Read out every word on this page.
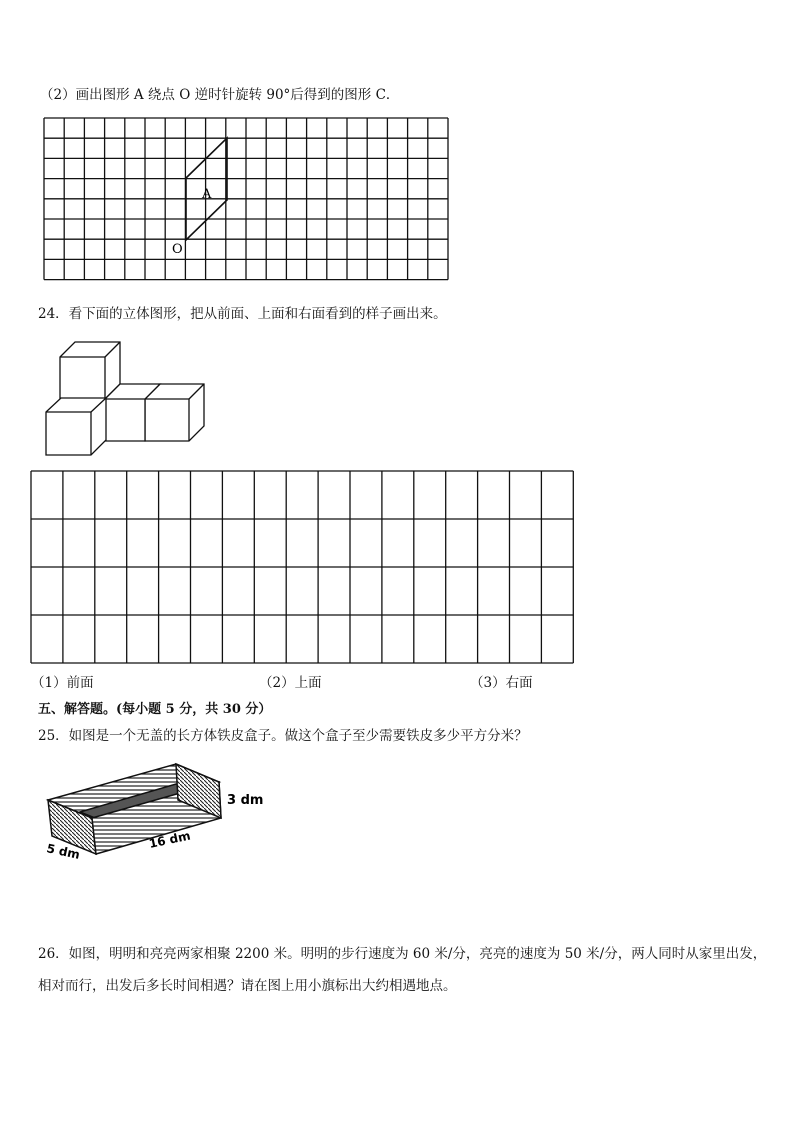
（2）画出图形 A 绕点 O 逆时针旋转 90°后得到的图形 C．
A
O
24．看下面的立体图形，把从前面、上面和右面看到的样子画出来。
（1）前面	（2）上面	（3）右面
五、解答题。(每小题 5 分，共 30 分）
25．如图是一个无盖的长方体铁皮盒子。做这个盒子至少需要铁皮多少平方分米？
3 dm
5 dm
16 dm
26．如图，明明和亮亮两家相聚 2200 米。明明的步行速度为 60 米/分，亮亮的速度为 50 米/分，两人同时从家里出发，
相对而行，出发后多长时间相遇？请在图上用小旗标出大约相遇地点。
